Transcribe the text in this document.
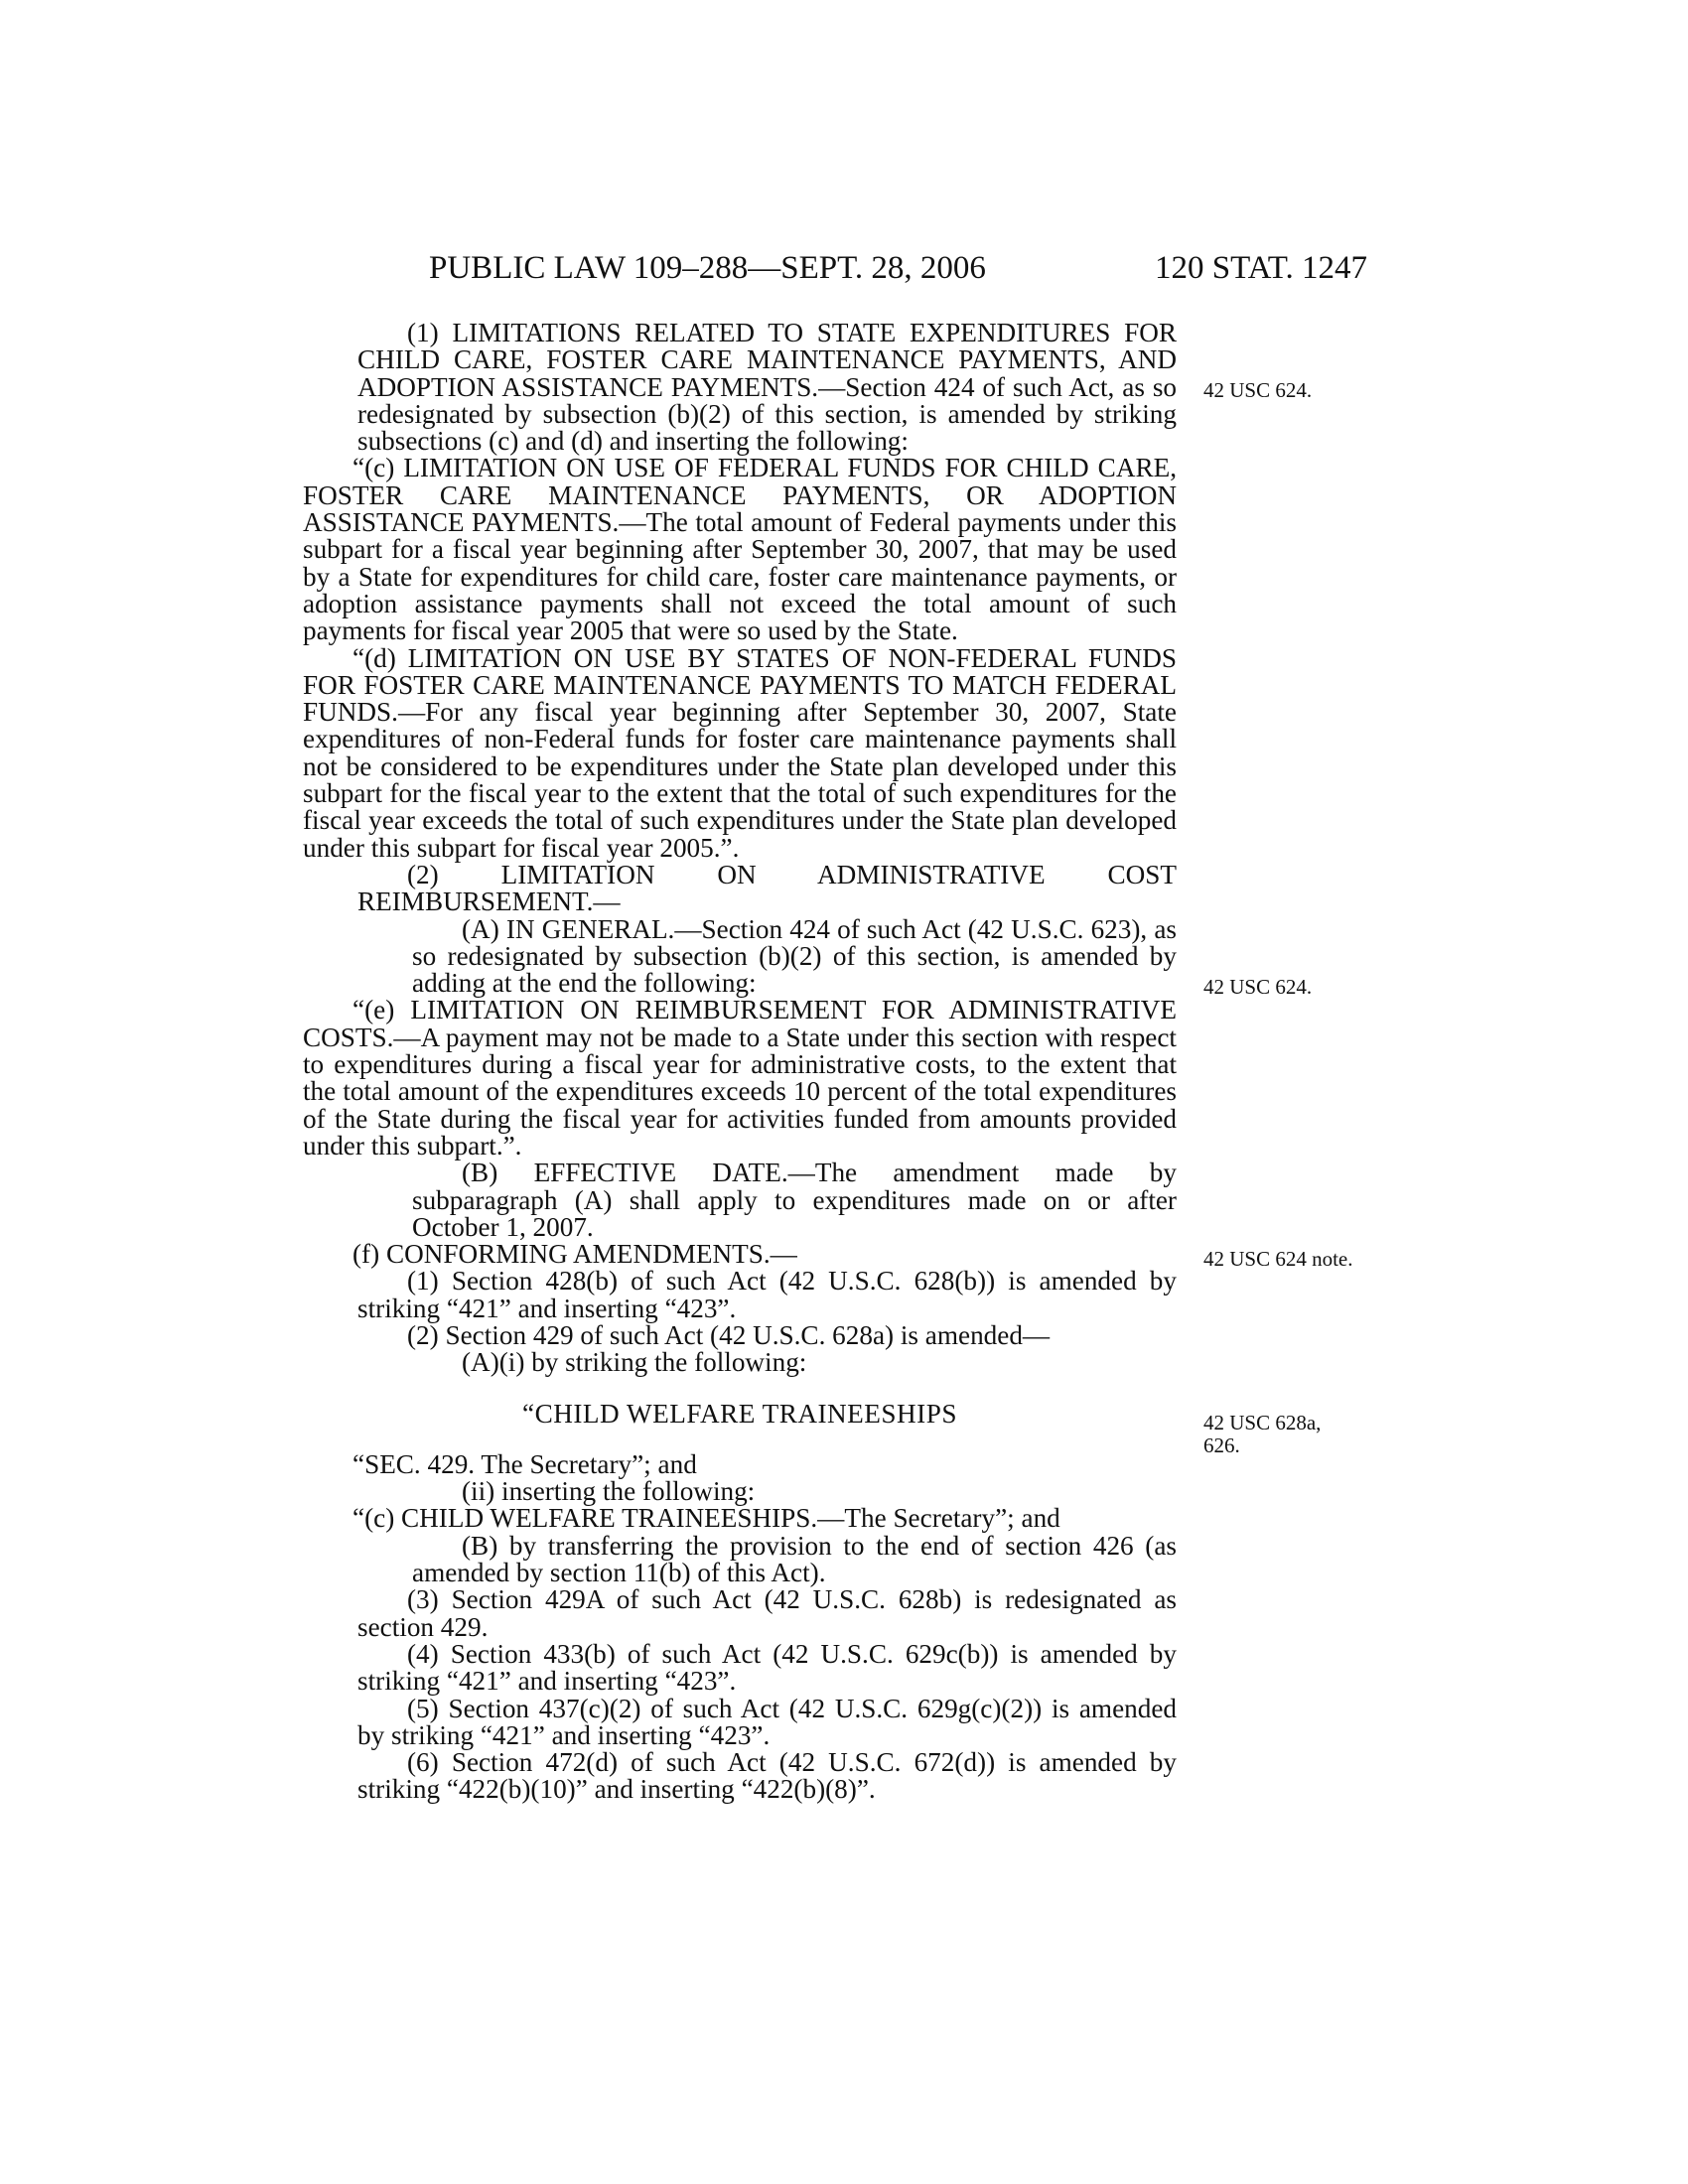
PUBLIC LAW 109–288—SEPT. 28, 2006	120 STAT. 1247

(1) LIMITATIONS RELATED TO STATE EXPENDITURES FOR CHILD CARE, FOSTER CARE MAINTENANCE PAYMENTS, AND ADOPTION ASSISTANCE PAYMENTS.—Section 424 of such Act, as so redesignated by subsection (b)(2) of this section, is amended by striking subsections (c) and (d) and inserting the following:

“(c) LIMITATION ON USE OF FEDERAL FUNDS FOR CHILD CARE, FOSTER CARE MAINTENANCE PAYMENTS, OR ADOPTION ASSISTANCE PAYMENTS.—The total amount of Federal payments under this subpart for a fiscal year beginning after September 30, 2007, that may be used by a State for expenditures for child care, foster care maintenance payments, or adoption assistance payments shall not exceed the total amount of such payments for fiscal year 2005 that were so used by the State.

“(d) LIMITATION ON USE BY STATES OF NON-FEDERAL FUNDS FOR FOSTER CARE MAINTENANCE PAYMENTS TO MATCH FEDERAL FUNDS.—For any fiscal year beginning after September 30, 2007, State expenditures of non-Federal funds for foster care maintenance payments shall not be considered to be expenditures under the State plan developed under this subpart for the fiscal year to the extent that the total of such expenditures for the fiscal year exceeds the total of such expenditures under the State plan developed under this subpart for fiscal year 2005.”.

(2) LIMITATION ON ADMINISTRATIVE COST REIMBURSEMENT.—

(A) IN GENERAL.—Section 424 of such Act (42 U.S.C. 623), as so redesignated by subsection (b)(2) of this section, is amended by adding at the end the following:

“(e) LIMITATION ON REIMBURSEMENT FOR ADMINISTRATIVE COSTS.—A payment may not be made to a State under this section with respect to expenditures during a fiscal year for administrative costs, to the extent that the total amount of the expenditures exceeds 10 percent of the total expenditures of the State during the fiscal year for activities funded from amounts provided under this subpart.”.

(B) EFFECTIVE DATE.—The amendment made by subparagraph (A) shall apply to expenditures made on or after October 1, 2007.

(f) CONFORMING AMENDMENTS.—

(1) Section 428(b) of such Act (42 U.S.C. 628(b)) is amended by striking “421” and inserting “423”.

(2) Section 429 of such Act (42 U.S.C. 628a) is amended—

(A)(i) by striking the following:

“CHILD WELFARE TRAINEESHIPS

“SEC. 429. The Secretary”; and

(ii) inserting the following:

“(c) CHILD WELFARE TRAINEESHIPS.—The Secretary”; and

(B) by transferring the provision to the end of section 426 (as amended by section 11(b) of this Act).

(3) Section 429A of such Act (42 U.S.C. 628b) is redesignated as section 429.

(4) Section 433(b) of such Act (42 U.S.C. 629c(b)) is amended by striking “421” and inserting “423”.

(5) Section 437(c)(2) of such Act (42 U.S.C. 629g(c)(2)) is amended by striking “421” and inserting “423”.

(6) Section 472(d) of such Act (42 U.S.C. 672(d)) is amended by striking “422(b)(10)” and inserting “422(b)(8)”.

42 USC 624.
42 USC 624.
42 USC 624 note.
42 USC 628a,
626.
